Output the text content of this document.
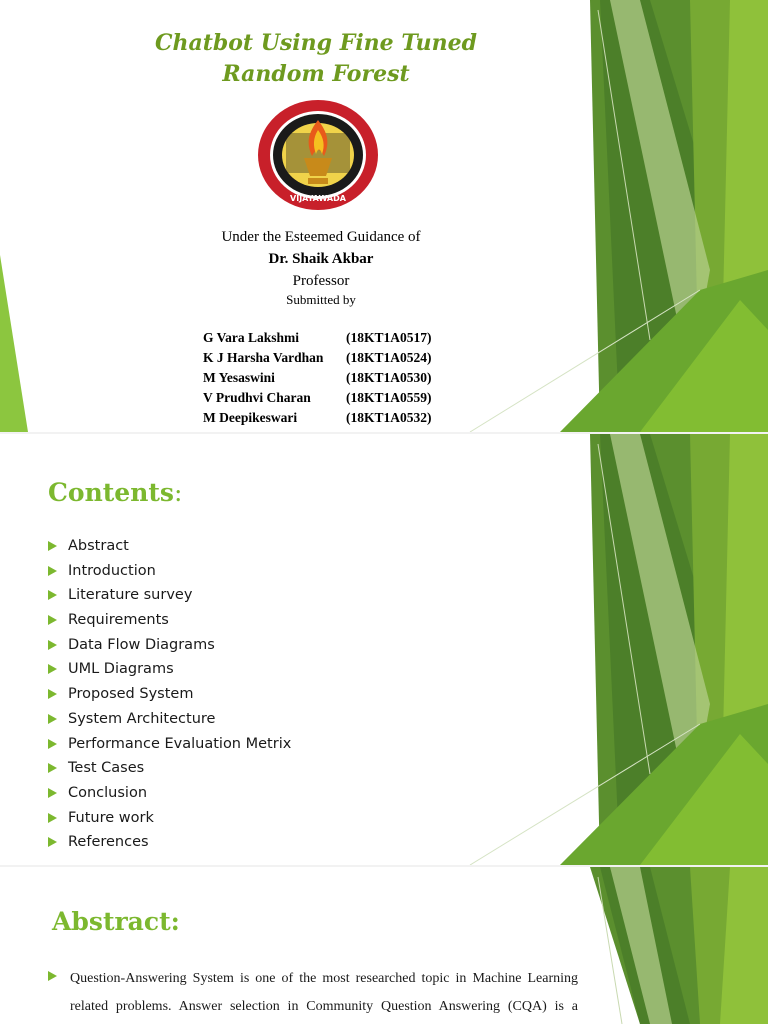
Chatbot Using Fine Tuned
Random Forest
VIJAYAWADA
Under the Esteemed Guidance of
Dr. Shaik Akbar
Professor
Submitted by
G Vara Lakshmi	(18KT1A0517)
K J Harsha Vardhan (18KT1A0524)
M Yesaswini	(18KT1A0530)
V Prudhvi Charan	(18KT1A0559)
M Deepikeswari	(18KT1A0532)
Contents:
Abstract
Introduction
Literature survey
Requirements
Data Flow Diagrams
UML Diagrams
Proposed System
System Architecture
Performance Evaluation Metrix
Test Cases
Conclusion
Future work
References
Abstract:
Question-Answering System is one of the most researched topic in Machine Learning related problems. Answer selection in Community Question Answering (CQA) is a
